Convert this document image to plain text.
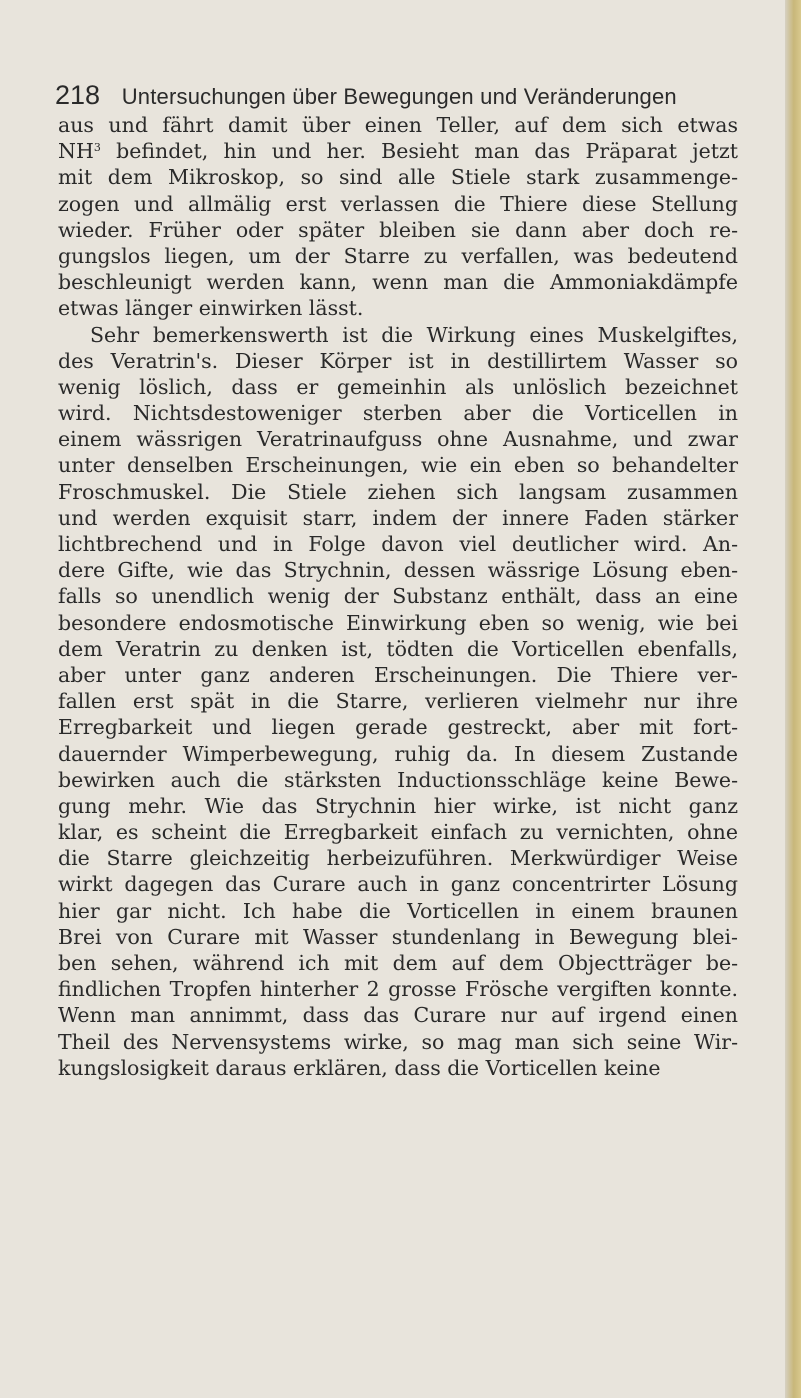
218 Untersuchungen über Bewegungen und Veränderungen
aus und fährt damit über einen Teller, auf dem sich etwas
$NH^3$ befindet, hin und her. Besieht man das Präparat jetzt
mit dem Mikroskop, so sind alle Stiele stark zusammenge-
zogen und allmälig erst verlassen die Thiere diese Stellung
wieder. Früher oder später bleiben sie dann aber doch re-
gungslos liegen, um der Starre zu verfallen, was bedeutend
beschleunigt werden kann, wenn man die Ammoniakdämpfe
etwas länger einwirken lässt.
Sehr bemerkenswerth ist die Wirkung eines Muskelgiftes,
des Veratrin's. Dieser Körper ist in destillirtem Wasser so
wenig löslich, dass er gemeinhin als unlöslich bezeichnet
wird. Nichtsdestoweniger sterben aber die Vorticellen in
einem wässrigen Veratrinaufguss ohne Ausnahme, und zwar
unter denselben Erscheinungen, wie ein eben so behandelter
Froschmuskel. Die Stiele ziehen sich langsam zusammen
und werden exquisit starr, indem der innere Faden stärker
lichtbrechend und in Folge davon viel deutlicher wird. An-
dere Gifte, wie das Strychnin, dessen wässrige Lösung eben-
falls so unendlich wenig der Substanz enthält, dass an eine
besondere endosmotische Einwirkung eben so wenig, wie bei
dem Veratrin zu denken ist, tödten die Vorticellen ebenfalls,
aber unter ganz anderen Erscheinungen. Die Thiere ver-
fallen erst spät in die Starre, verlieren vielmehr nur ihre
Erregbarkeit und liegen gerade gestreckt, aber mit fort-
dauernder Wimperbewegung, ruhig da. In diesem Zustande
bewirken auch die stärksten Inductionsschläge keine Bewe-
gung mehr. Wie das Strychnin hier wirke, ist nicht ganz
klar, es scheint die Erregbarkeit einfach zu vernichten, ohne
die Starre gleichzeitig herbeizuführen. Merkwürdiger Weise
wirkt dagegen das Curare auch in ganz concentrirter Lösung
hier gar nicht. Ich habe die Vorticellen in einem braunen
Brei von Curare mit Wasser stundenlang in Bewegung blei-
ben sehen, während ich mit dem auf dem Objectträger be-
findlichen Tropfen hinterher 2 grosse Frösche vergiften konnte.
Wenn man annimmt, dass das Curare nur auf irgend einen
Theil des Nervensystems wirke, so mag man sich seine Wir-
kungslosigkeit daraus erklären, dass die Vorticellen keine
